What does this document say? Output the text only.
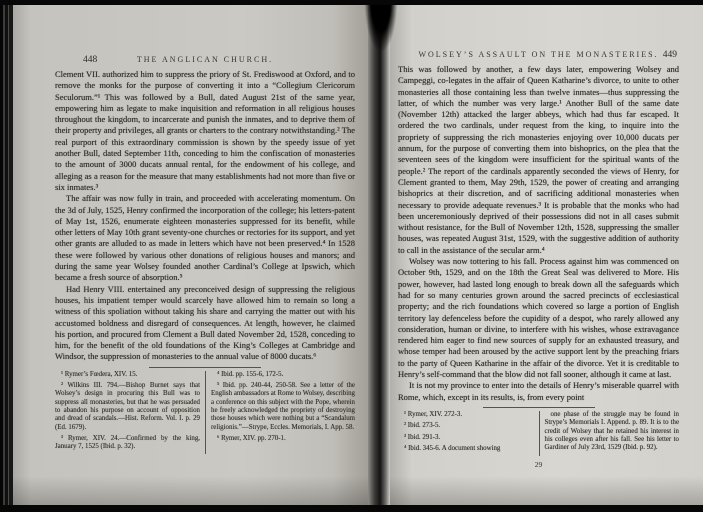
448	THE ANGLICAN CHURCH.

Clement VII. authorized him to suppress the priory of St. Frediswood at Oxford, and to remove the monks for the purpose of converting it into a “Collegium Clericorum Seculorum.”¹ This was followed by a Bull, dated August 21st of the same year, empowering him as legate to make inquisition and reformation in all religious houses throughout the kingdom, to incarcerate and punish the inmates, and to deprive them of their property and privileges, all grants or charters to the contrary notwithstanding.² The real purport of this extraordinary commission is shown by the speedy issue of yet another Bull, dated September 11th, conceding to him the confiscation of monasteries to the amount of 3000 ducats annual rental, for the endowment of his college, and alleging as a reason for the measure that many establishments had not more than five or six inmates.³

The affair was now fully in train, and proceeded with accelerating momentum. On the 3d of July, 1525, Henry confirmed the incorporation of the college; his letters-patent of May 1st, 1526, enumerate eighteen monasteries suppressed for its benefit, while other letters of May 10th grant seventy-one churches or rectories for its support, and yet other grants are alluded to as made in letters which have not been preserved.⁴ In 1528 these were followed by various other donations of religious houses and manors; and during the same year Wolsey founded another Cardinal’s College at Ipswich, which became a fresh source of absorption.⁵

Had Henry VIII. entertained any preconceived design of suppressing the religious houses, his impatient temper would scarcely have allowed him to remain so long a witness of this spoliation without taking his share and carrying the matter out with his accustomed boldness and disregard of consequences. At length, however, he claimed his portion, and procured from Clement a Bull dated November 2d, 1528, conceding to him, for the benefit of the old foundations of the King’s Colleges at Cambridge and Windsor, the suppression of monasteries to the annual value of 8000 ducats.⁶

¹ Rymer’s Fœdera, XIV. 15.

² Wilkins III. 794.—Bishop Burnet says that Wolsey’s design in procuring this Bull was to suppress all monasteries, but that he was persuaded to abandon his purpose on account of opposition and dread of scandals.—Hist. Reform. Vol. I. p. 29 (Ed. 1679).

³ Rymer, XIV. 24.—Confirmed by the king, January 7, 1525 (Ibid. p. 32).

⁴ Ibid. pp. 155-6, 172-5.

⁵ Ibid. pp. 240-44, 250-58. See a letter of the English ambassadors at Rome to Wolsey, describing a conference on this subject with the Pope, wherein he freely acknowledged the propriety of destroying those houses which were nothing but a “Scandalum religionis.”—Strype, Eccles. Memorials, I. App. 58.

⁶ Rymer, XIV. pp. 270-1.

WOLSEY’S ASSAULT ON THE MONASTERIES. 449

This was followed by another, a few days later, empowering Wolsey and Campeggi, co-legates in the affair of Queen Katharine’s divorce, to unite to other monasteries all those containing less than twelve inmates—thus suppressing the latter, of which the number was very large.¹ Another Bull of the same date (November 12th) attacked the larger abbeys, which had thus far escaped. It ordered the two cardinals, under request from the king, to inquire into the propriety of suppressing the rich monasteries enjoying over 10,000 ducats per annum, for the purpose of converting them into bishoprics, on the plea that the seventeen sees of the kingdom were insufficient for the spiritual wants of the people.² The report of the cardinals apparently seconded the views of Henry, for Clement granted to them, May 29th, 1529, the power of creating and arranging bishoprics at their discretion, and of sacrificing additional monasteries when necessary to provide adequate revenues.³ It is probable that the monks who had been unceremoniously deprived of their possessions did not in all cases submit without resistance, for the Bull of November 12th, 1528, suppressing the smaller houses, was repeated August 31st, 1529, with the suggestive addition of authority to call in the assistance of the secular arm.⁴

Wolsey was now tottering to his fall. Process against him was commenced on October 9th, 1529, and on the 18th the Great Seal was delivered to More. His power, however, had lasted long enough to break down all the safeguards which had for so many centuries grown around the sacred precincts of ecclesiastical property; and the rich foundations which covered so large a portion of English territory lay defenceless before the cupidity of a despot, who rarely allowed any consideration, human or divine, to interfere with his wishes, whose extravagance rendered him eager to find new sources of supply for an exhausted treasury, and whose temper had been aroused by the active support lent by the preaching friars to the party of Queen Katharine in the affair of the divorce. Yet it is creditable to Henry’s self-command that the blow did not fall sooner, although it came at last.

It is not my province to enter into the details of Henry’s miserable quarrel with Rome, which, except in its results, is, from every point

¹ Rymer, XIV. 272-3.

² Ibid. 273-5.

³ Ibid. 291-3.

⁴ Ibid. 345-6. A document showing

one phase of the struggle may be found in Strype’s Memorials I. Append. p. 89. It is to the credit of Wolsey that he retained his interest in his colleges even after his fall. See his letter to Gardiner of July 23rd, 1529 (Ibid. p. 92).

29
